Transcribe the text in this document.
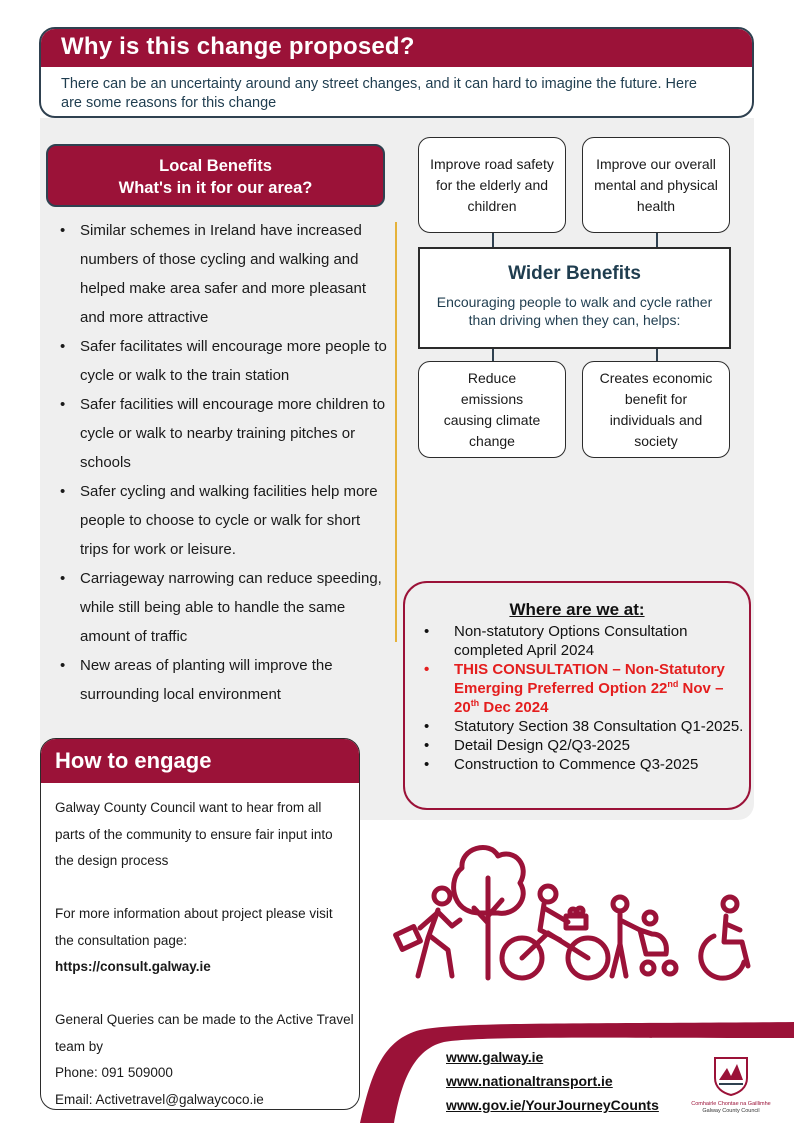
Why is this change proposed?

There can be an uncertainty around any street changes, and it can hard to imagine the future. Here are some reasons for this change

Local Benefits
What's in it for our area?
• Similar schemes in Ireland have increased numbers of those cycling and walking and helped make area safer and more pleasant and more attractive
• Safer facilitates will encourage more people to cycle or walk to the train station
• Safer facilities will encourage more children to cycle or walk to nearby training pitches or schools
• Safer cycling and walking facilities help more people to choose to cycle or walk for short trips for work or leisure.
• Carriageway narrowing can reduce speeding, while still being able to handle the same amount of traffic
• New areas of planting will improve the surrounding local environment
Improve road safety for the elderly and children
Improve our overall mental and physical health
Wider Benefits

Encouraging people to walk and cycle rather than driving when they can, helps:

Reduce emissions causing climate change
Creates economic benefit for individuals and society
Where are we at:
• Non-statutory Options Consultation completed April 2024
• THIS CONSULTATION – Non-Statutory Emerging Preferred Option 22nd Nov – 20th Dec 2024
• Statutory Section 38 Consultation Q1-2025.
• Detail Design Q2/Q3-2025
• Construction to Commence Q3-2025
How to engage
Galway County Council want to hear from all parts of the community to ensure fair input into the design process
For more information about project please visit the consultation page:
https://consult.galway.ie
General Queries can be made to the Active Travel team by
Phone: 091 509000
Email: Activetravel@galwaycoco.ie
www.galway.ie
www.nationaltransport.ie
www.gov.ie/YourJourneyCounts	Comhairle Chontae na Gaillimhe
Galway County Council
